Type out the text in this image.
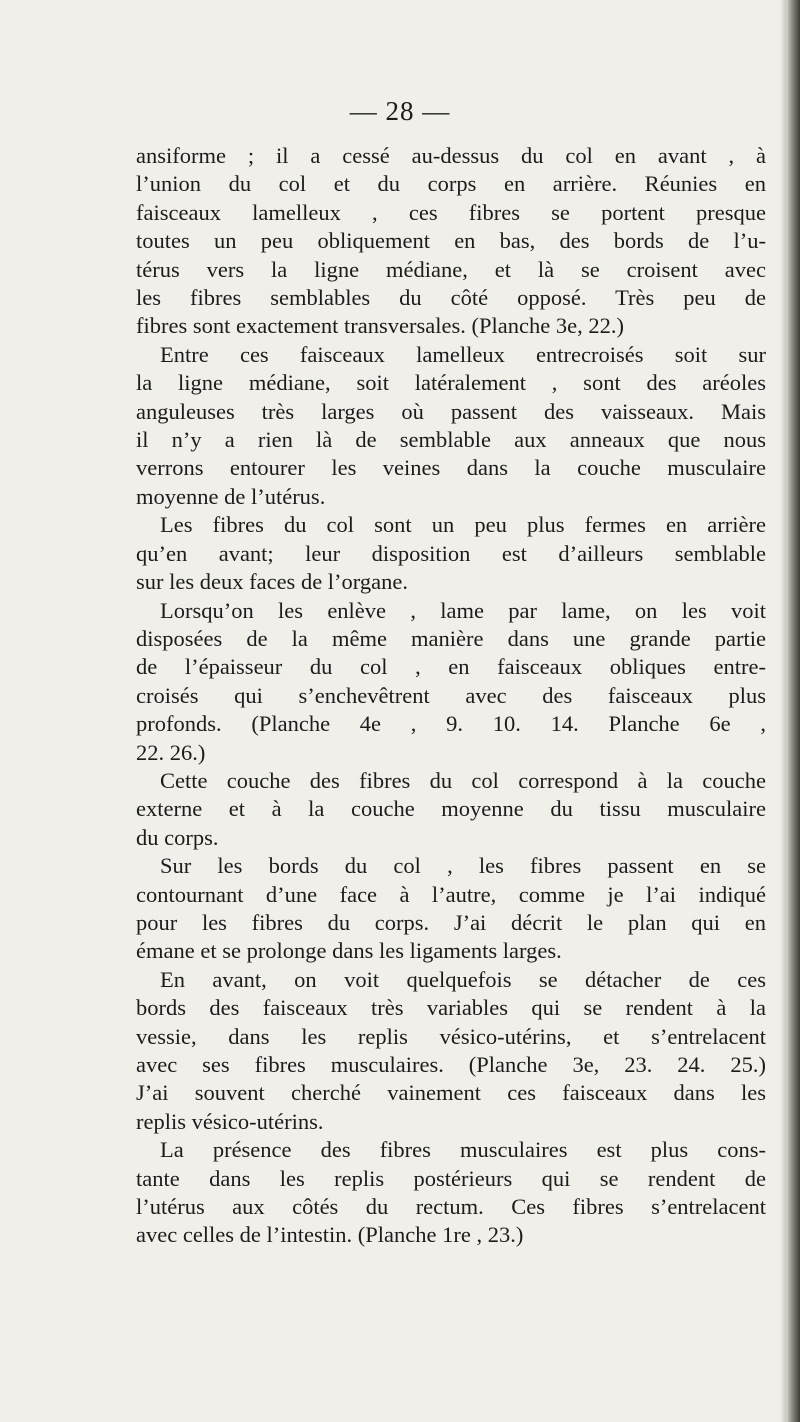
— 28 —
ansiforme ; il a cessé au-dessus du col en avant , à
l’union du col et du corps en arrière. Réunies en
faisceaux lamelleux , ces fibres se portent presque
toutes un peu obliquement en bas, des bords de l’u-
térus vers la ligne médiane, et là se croisent avec
les fibres semblables du côté opposé. Très peu de
fibres sont exactement transversales. (Planche 3e, 22.)
Entre ces faisceaux lamelleux entrecroisés soit sur
la ligne médiane, soit latéralement , sont des aréoles
anguleuses très larges où passent des vaisseaux. Mais
il n’y a rien là de semblable aux anneaux que nous
verrons entourer les veines dans la couche musculaire
moyenne de l’utérus.
Les fibres du col sont un peu plus fermes en arrière
qu’en avant; leur disposition est d’ailleurs semblable
sur les deux faces de l’organe.
Lorsqu’on les enlève , lame par lame, on les voit
disposées de la même manière dans une grande partie
de l’épaisseur du col , en faisceaux obliques entre-
croisés qui s’enchevêtrent avec des faisceaux plus
profonds. (Planche 4e , 9. 10. 14. Planche 6e ,
22. 26.)
Cette couche des fibres du col correspond à la couche
externe et à la couche moyenne du tissu musculaire
du corps.
Sur les bords du col , les fibres passent en se
contournant d’une face à l’autre, comme je l’ai indiqué
pour les fibres du corps. J’ai décrit le plan qui en
émane et se prolonge dans les ligaments larges.
En avant, on voit quelquefois se détacher de ces
bords des faisceaux très variables qui se rendent à la
vessie, dans les replis vésico-utérins, et s’entrelacent
avec ses fibres musculaires. (Planche 3e, 23. 24. 25.)
J’ai souvent cherché vainement ces faisceaux dans les
replis vésico-utérins.
La présence des fibres musculaires est plus cons-
tante dans les replis postérieurs qui se rendent de
l’utérus aux côtés du rectum. Ces fibres s’entrelacent
avec celles de l’intestin. (Planche 1re , 23.)
